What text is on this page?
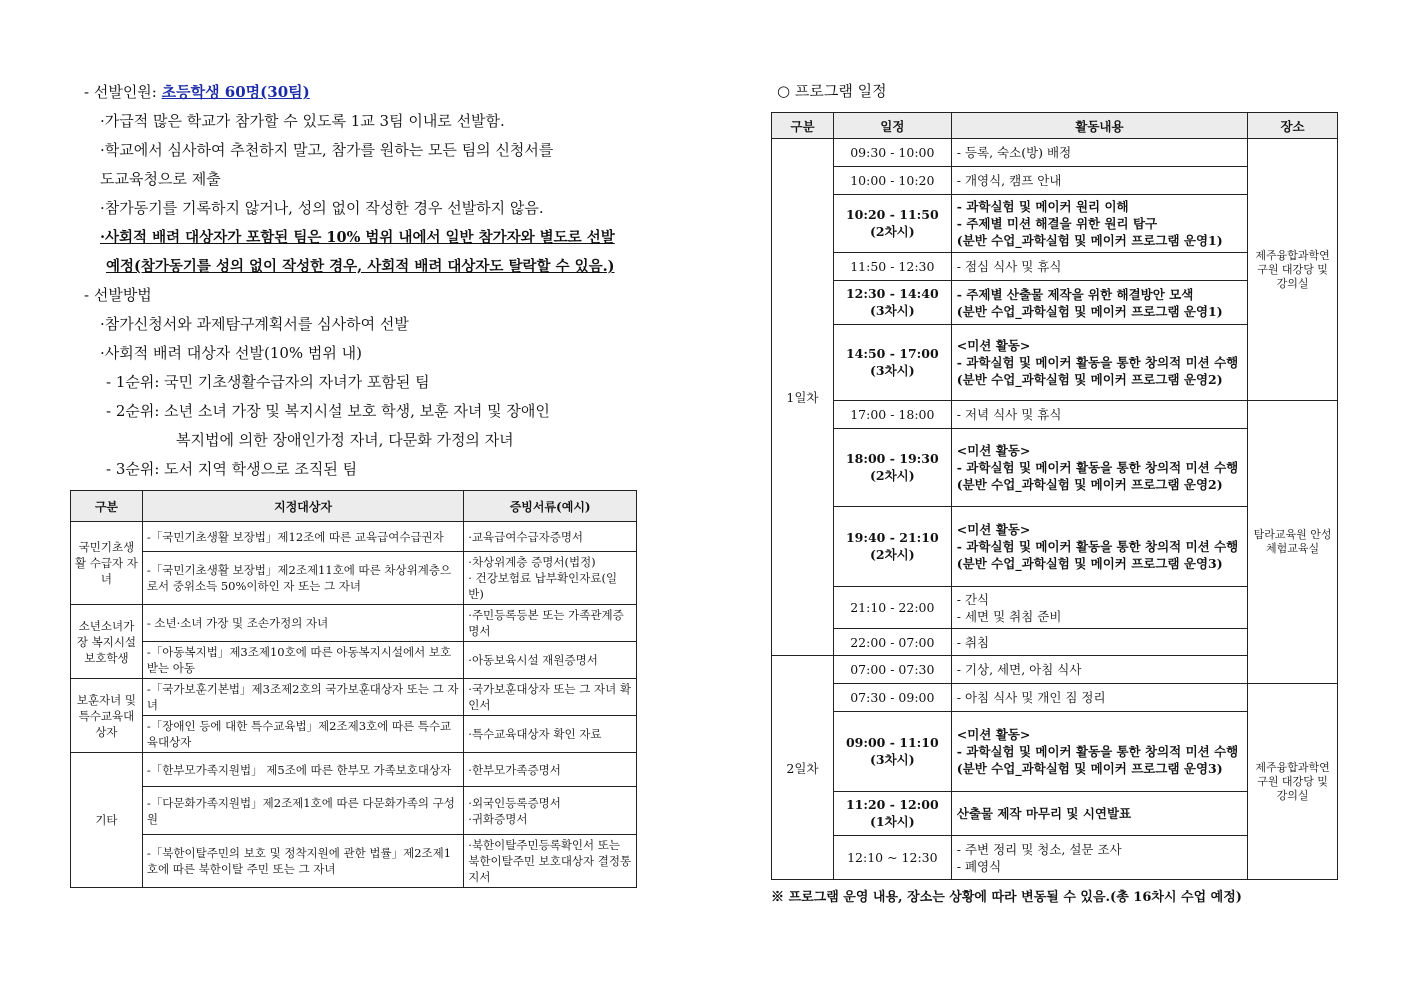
- 선발인원: 초등학생 60명(30팀)
·가급적 많은 학교가 참가할 수 있도록 1교 3팀 이내로 선발함.
·학교에서 심사하여 추천하지 말고, 참가를 원하는 모든 팀의 신청서를
도교육청으로 제출
·참가동기를 기록하지 않거나, 성의 없이 작성한 경우 선발하지 않음.
·사회적 배려 대상자가 포함된 팀은 10% 범위 내에서 일반 참가자와 별도로 선발
예정(참가동기를 성의 없이 작성한 경우, 사회적 배려 대상자도 탈락할 수 있음.)
- 선발방법
·참가신청서와 과제탐구계획서를 심사하여 선발
·사회적 배려 대상자 선발(10% 범위 내)
- 1순위: 국민 기초생활수급자의 자녀가 포함된 팀
- 2순위: 소년 소녀 가장 및 복지시설 보호 학생, 보훈 자녀 및 장애인
복지법에 의한 장애인가정 자녀, 다문화 가정의 자녀
- 3순위: 도서 지역 학생으로 조직된 팀
구분	지정대상자	증빙서류(예시)
국민기초생활 수급자 자녀	-「국민기초생활 보장법」제12조에 따른 교육급여수급권자	·교육급여수급자증명서
	-「국민기초생활 보장법」제2조제11호에 따른 차상위계층으로서 중위소득 50%이하인 자 또는 그 자녀	·차상위계층 증명서(법정)
· 건강보험료 납부확인자료(일반)
소년소녀가장 복지시설 보호학생	- 소년·소녀 가장 및 조손가정의 자녀	·주민등록등본 또는 가족관계증명서
	-「아동복지법」제3조제10호에 따른 아동복지시설에서 보호받는 아동	·아동보육시설 재원증명서
보훈자녀 및 특수교육대상자	-「국가보훈기본법」제3조제2호의 국가보훈대상자 또는 그 자녀	·국가보훈대상자 또는 그 자녀 확인서
	-「장애인 등에 대한 특수교육법」제2조제3호에 따른 특수교육대상자	·특수교육대상자 확인 자료
기타	-「한부모가족지원법」 제5조에 따른 한부모 가족보호대상자	·한부모가족증명서
	-「다문화가족지원법」제2조제1호에 따른 다문화가족의 구성원	·외국인등록증명서
·귀화증명서
	-「북한이탈주민의 보호 및 정착지원에 관한 법률」제2조제1호에 따른 북한이탈 주민 또는 그 자녀	·북한이탈주민등록확인서 또는 북한이탈주민 보호대상자 결정통지서
○ 프로그램 일정
구분	일정	활동내용	장소
1일차	09:30 - 10:00	- 등록, 숙소(방) 배정	제주융합과학연구원 대강당 및 강의실
	10:00 - 10:20	- 개영식, 캠프 안내	
	10:20 - 11:50
(2차시)	- 과학실험 및 메이커 원리 이해
- 주제별 미션 해결을 위한 원리 탐구
(분반 수업_과학실험 및 메이커 프로그램 운영1)	
	11:50 - 12:30	- 점심 식사 및 휴식	
	12:30 - 14:40
(3차시)	- 주제별 산출물 제작을 위한 해결방안 모색
(분반 수업_과학실험 및 메이커 프로그램 운영1)	
	14:50 - 17:00
(3차시)	<미션 활동>
- 과학실험 및 메이커 활동을 통한 창의적 미션 수행
(분반 수업_과학실험 및 메이커 프로그램 운영2)	
	17:00 - 18:00	- 저녁 식사 및 휴식	탐라교육원 안성체험교육실
	18:00 - 19:30
(2차시)	<미션 활동>
- 과학실험 및 메이커 활동을 통한 창의적 미션 수행
(분반 수업_과학실험 및 메이커 프로그램 운영2)	
	19:40 - 21:10
(2차시)	<미션 활동>
- 과학실험 및 메이커 활동을 통한 창의적 미션 수행
(분반 수업_과학실험 및 메이커 프로그램 운영3)	
	21:10 - 22:00	- 간식
- 세면 및 취침 준비	
	22:00 - 07:00	- 취침	
2일차	07:00 - 07:30	- 기상, 세면, 아침 식사	
	07:30 - 09:00	- 아침 식사 및 개인 짐 정리	제주융합과학연구원 대강당 및 강의실
	09:00 - 11:10
(3차시)	<미션 활동>
- 과학실험 및 메이커 활동을 통한 창의적 미션 수행
(분반 수업_과학실험 및 메이커 프로그램 운영3)	
	11:20 - 12:00
(1차시)	산출물 제작 마무리 및 시연발표	
	12:10 ~ 12:30	- 주변 정리 및 청소, 설문 조사
- 폐영식	
※ 프로그램 운영 내용, 장소는 상황에 따라 변동될 수 있음.(총 16차시 수업 예정)
